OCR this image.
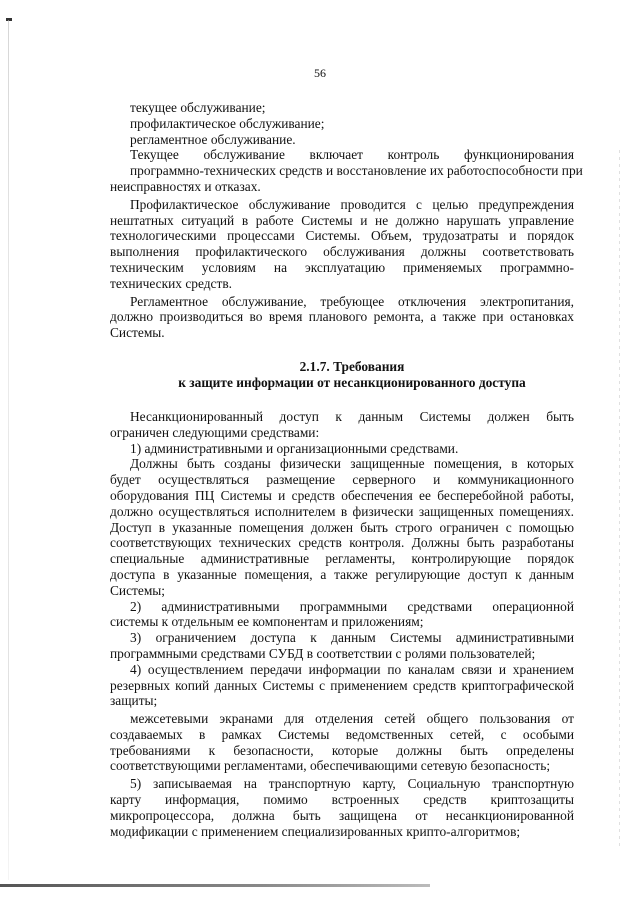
56
текущее обслуживание;
профилактическое обслуживание;
регламентное обслуживание.
Текущее обслуживание включает контроль функционирования
программно-технических средств и восстановление их работоспособности при
неисправностях и отказах.
Профилактическое обслуживание проводится с целью предупреждения
нештатных ситуаций в работе Системы и не должно нарушать управление
технологическими процессами Системы. Объем, трудозатраты и порядок
выполнения профилактического обслуживания должны соответствовать
техническим условиям на эксплуатацию применяемых программно-
технических средств.
Регламентное обслуживание, требующее отключения электропитания,
должно производиться во время планового ремонта, а также при остановках
Системы.
2.1.7. Требования
к защите информации от несанкционированного доступа
Несанкционированный доступ к данным Системы должен быть
ограничен следующими средствами:
1) административными и организационными средствами.
Должны быть созданы физически защищенные помещения, в которых
будет осуществляться размещение серверного и коммуникационного
оборудования ПЦ Системы и средств обеспечения ее бесперебойной работы,
должно осуществляться исполнителем в физически защищенных помещениях.
Доступ в указанные помещения должен быть строго ограничен с помощью
соответствующих технических средств контроля. Должны быть разработаны
специальные административные регламенты, контролирующие порядок
доступа в указанные помещения, а также регулирующие доступ к данным
Системы;
2) административными программными средствами операционной
системы к отдельным ее компонентам и приложениям;
3) ограничением доступа к данным Системы административными
программными средствами СУБД в соответствии с ролями пользователей;
4) осуществлением передачи информации по каналам связи и хранением
резервных копий данных Системы с применением средств криптографической
защиты;
межсетевыми экранами для отделения сетей общего пользования от
создаваемых в рамках Системы ведомственных сетей, с особыми
требованиями к безопасности, которые должны быть определены
соответствующими регламентами, обеспечивающими сетевую безопасность;
5) записываемая на транспортную карту, Социальную транспортную
карту информация, помимо встроенных средств криптозащиты
микропроцессора, должна быть защищена от несанкционированной
модификации с применением специализированных крипто-алгоритмов;
